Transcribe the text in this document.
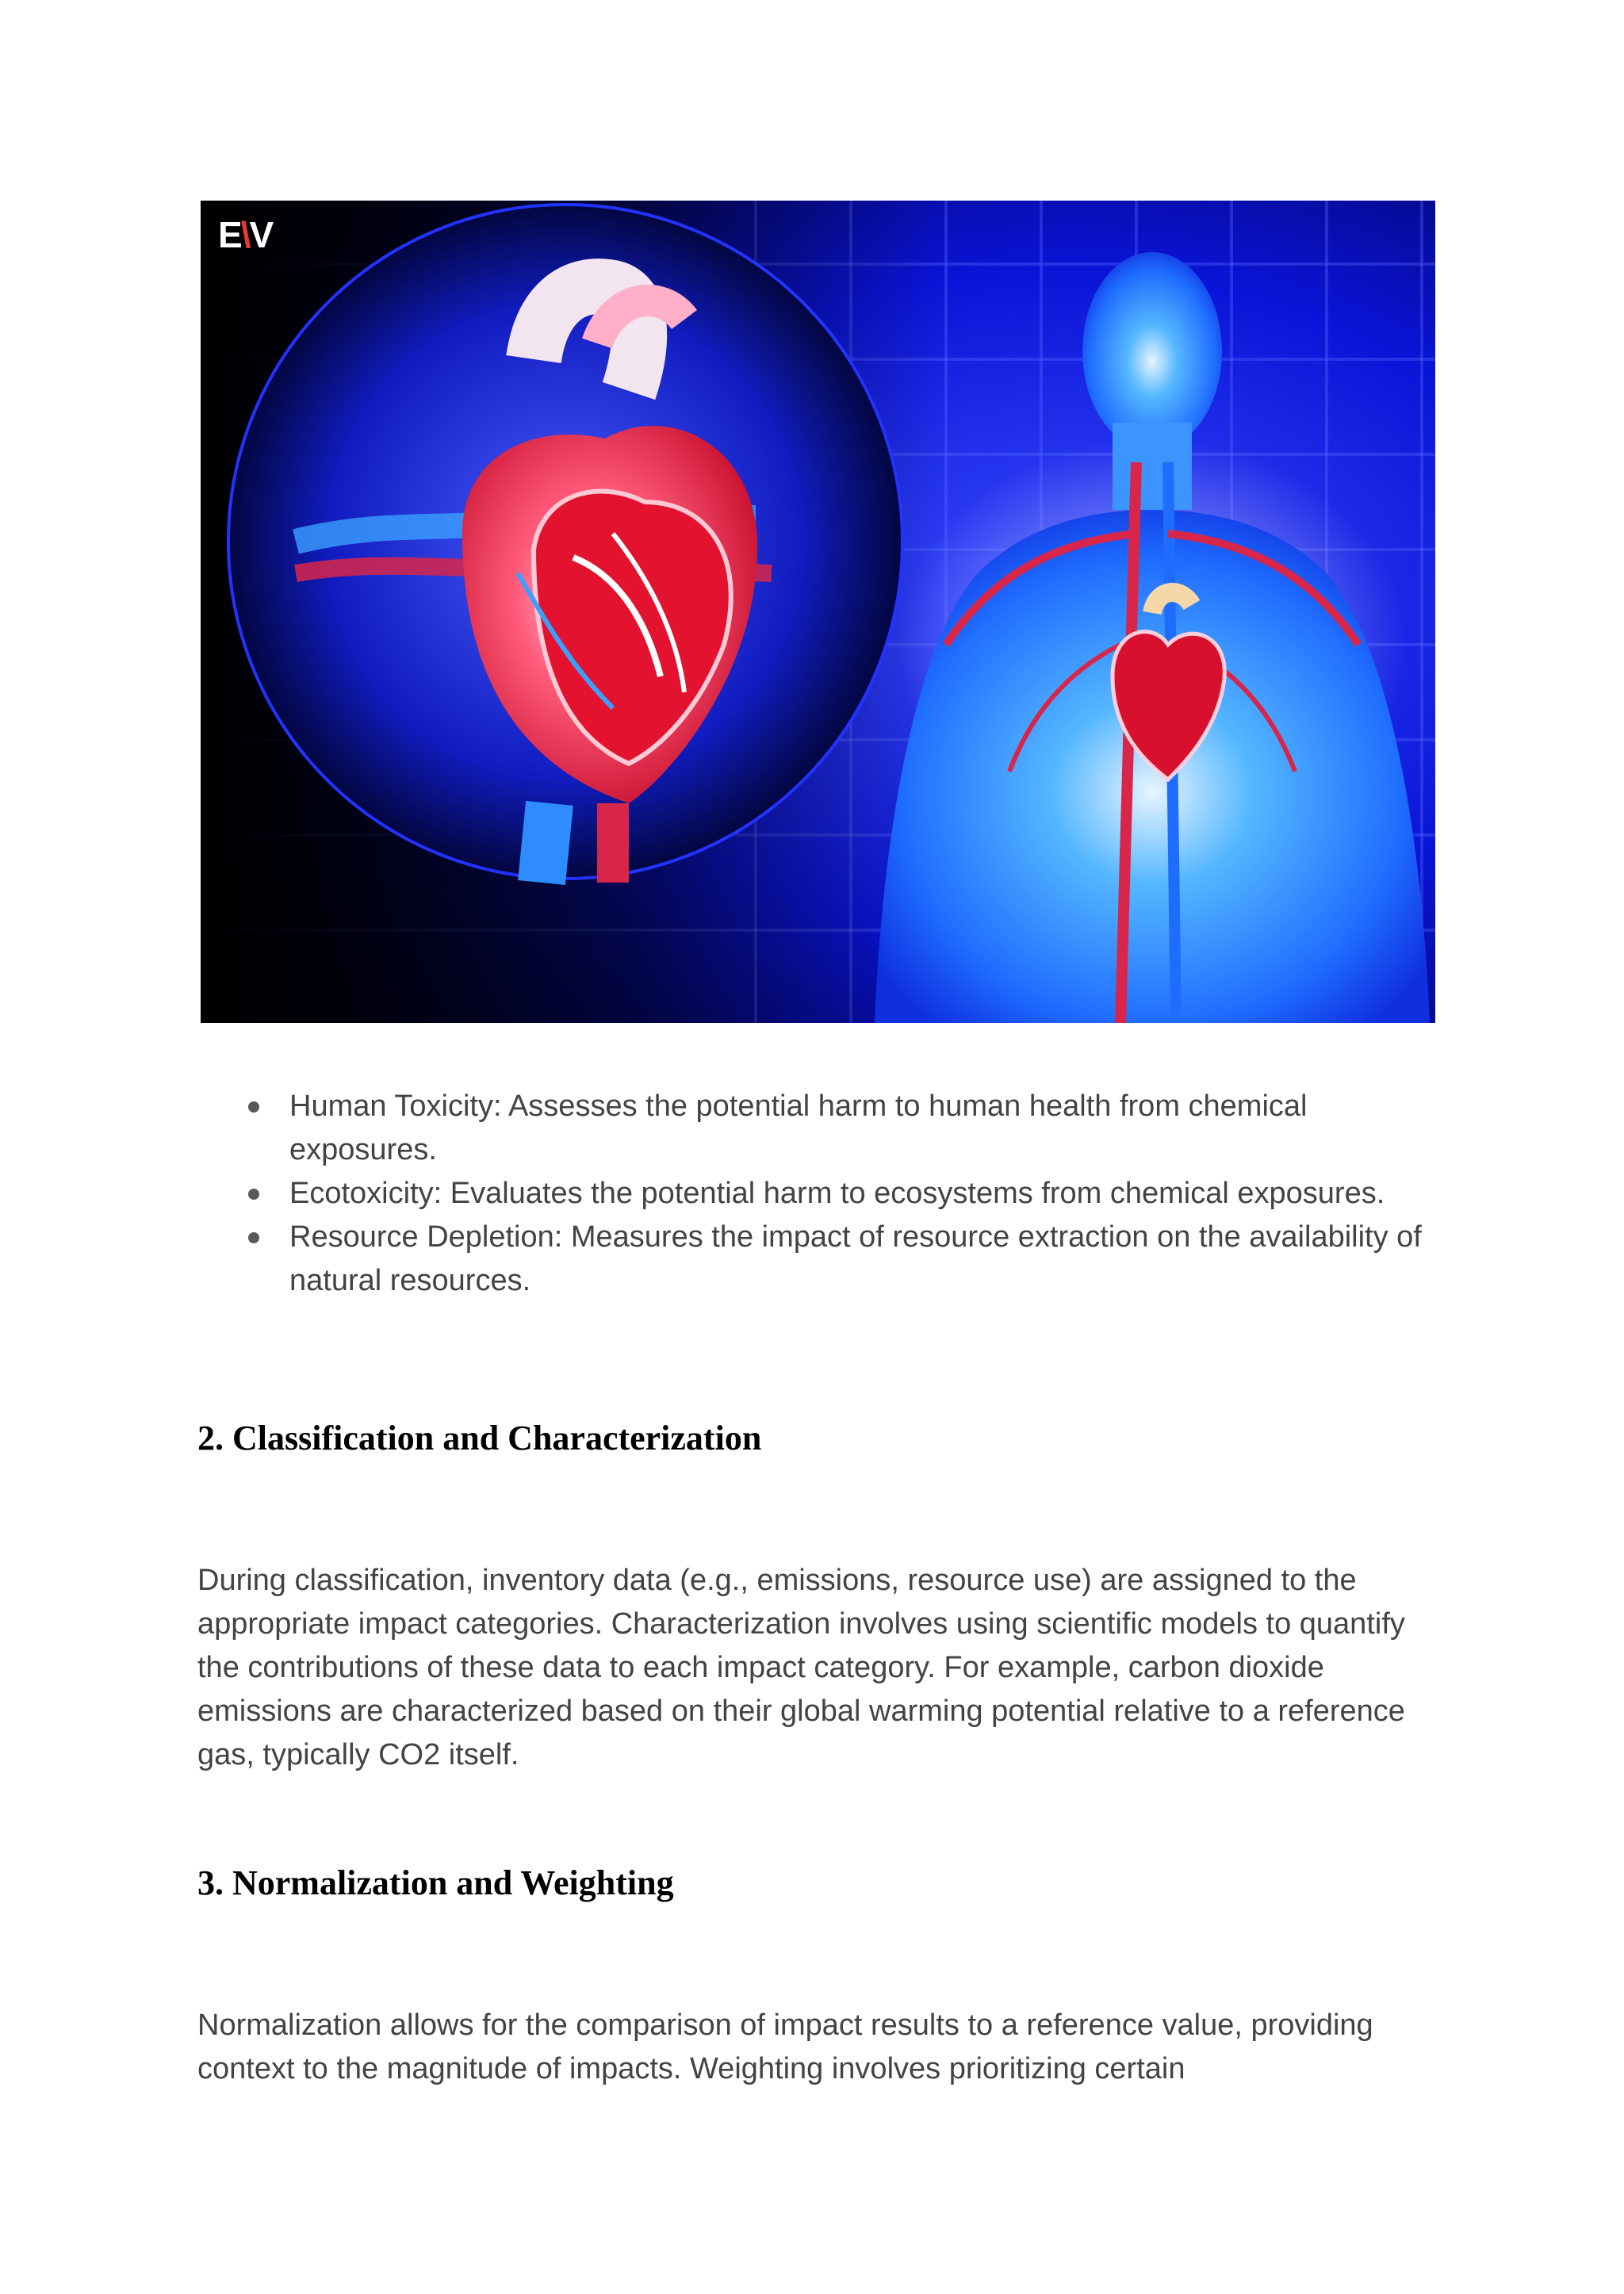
E\V
Human Toxicity: Assesses the potential harm to human health from chemical exposures.
Ecotoxicity: Evaluates the potential harm to ecosystems from chemical exposures.
Resource Depletion: Measures the impact of resource extraction on the availability of natural resources.
2. Classification and Characterization

During classification, inventory data (e.g., emissions, resource use) are assigned to the appropriate impact categories. Characterization involves using scientific models to quantify the contributions of these data to each impact category. For example, carbon dioxide emissions are characterized based on their global warming potential relative to a reference gas, typically CO2 itself.

3. Normalization and Weighting

Normalization allows for the comparison of impact results to a reference value, providing context to the magnitude of impacts. Weighting involves prioritizing certain
